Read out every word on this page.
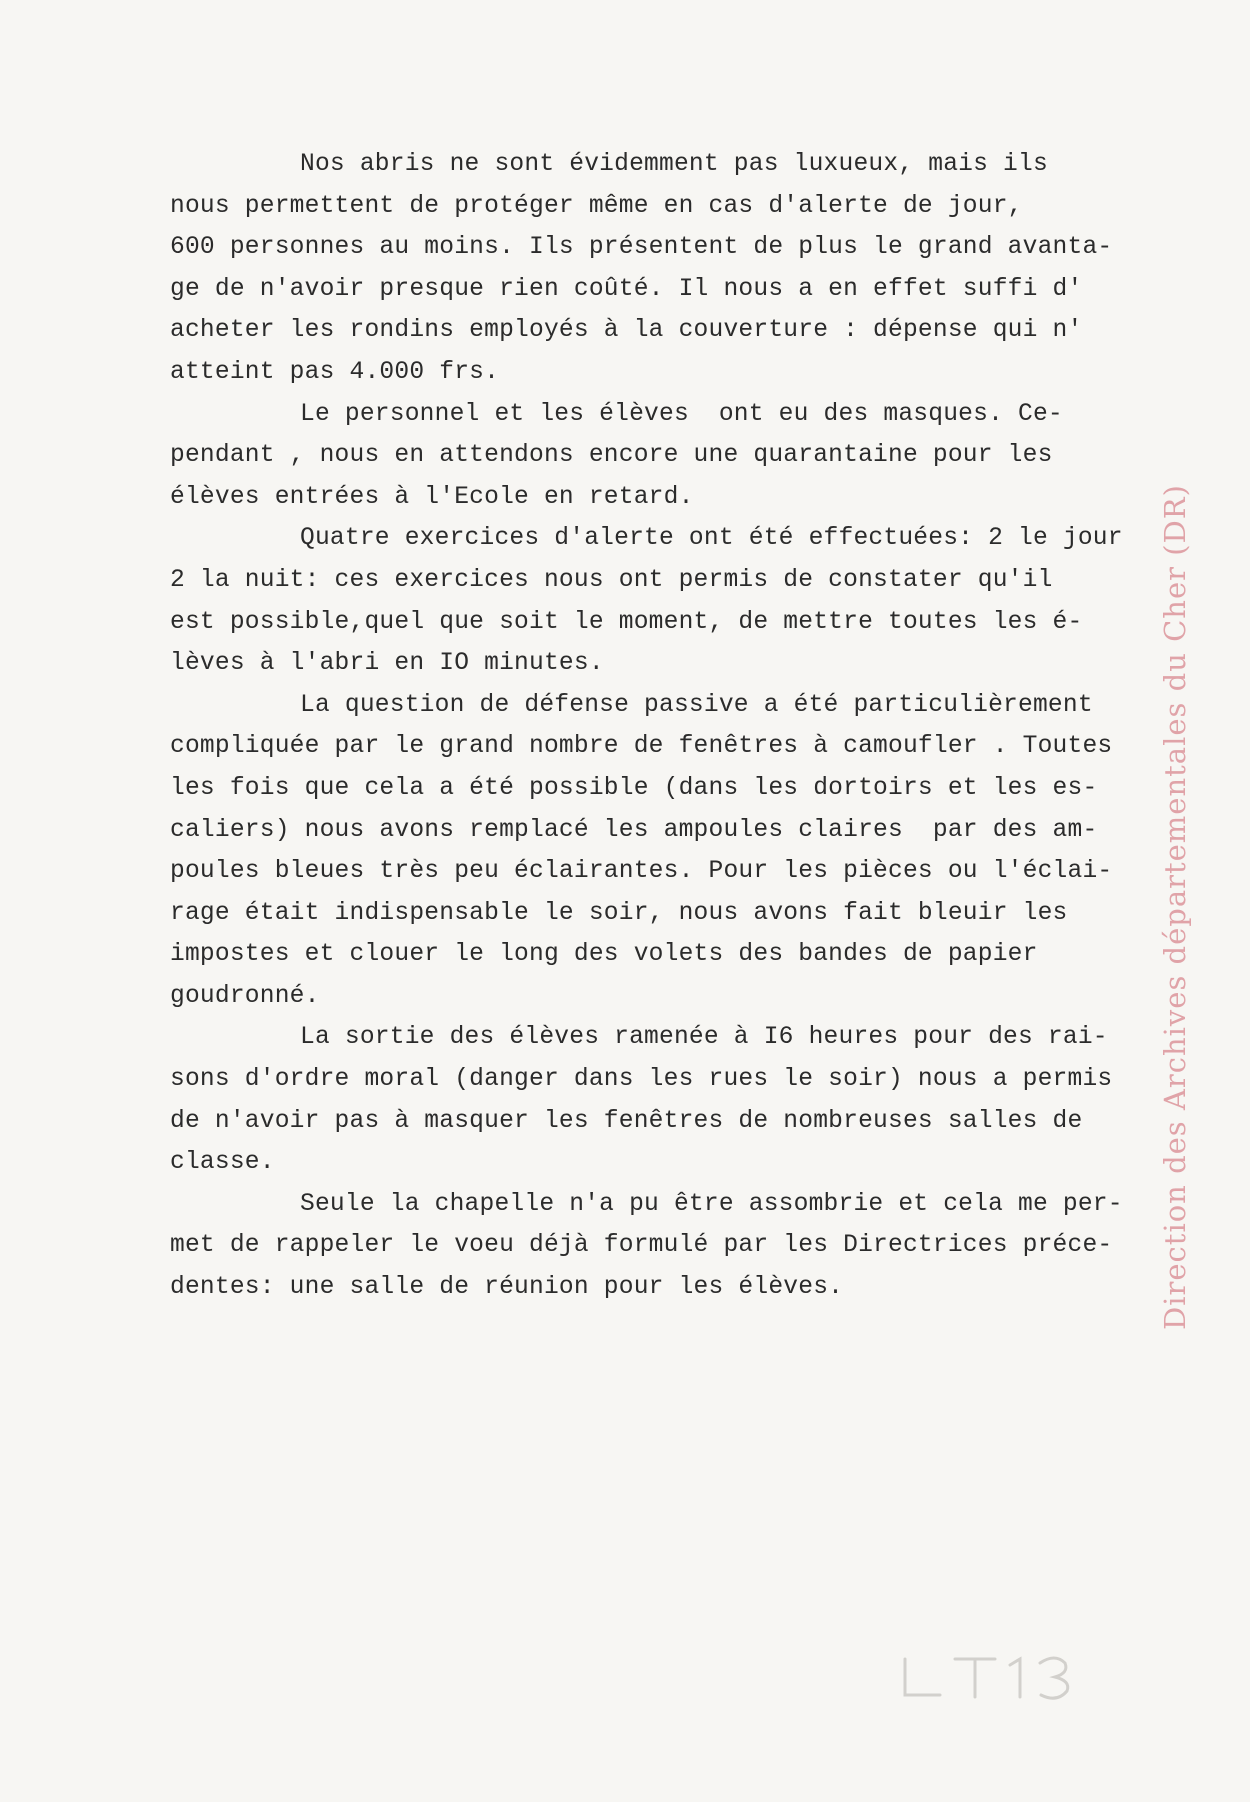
Nos abris ne sont évidemment pas luxueux, mais ils
nous permettent de protéger même en cas d'alerte de jour,
600 personnes au moins. Ils présentent de plus le grand avanta-
ge de n'avoir presque rien coûté. Il nous a en effet suffi d'
acheter les rondins employés à la couverture : dépense qui n'
atteint pas 4.000 frs.
Le personnel et les élèves  ont eu des masques. Ce-
pendant , nous en attendons encore une quarantaine pour les
élèves entrées à l'Ecole en retard.
Quatre exercices d'alerte ont été effectuées: 2 le jour
2 la nuit: ces exercices nous ont permis de constater qu'il
est possible,quel que soit le moment, de mettre toutes les é-
lèves à l'abri en IO minutes.
La question de défense passive a été particulièrement
compliquée par le grand nombre de fenêtres à camoufler . Toutes
les fois que cela a été possible (dans les dortoirs et les es-
caliers) nous avons remplacé les ampoules claires  par des am-
poules bleues très peu éclairantes. Pour les pièces ou l'éclai-
rage était indispensable le soir, nous avons fait bleuir les
impostes et clouer le long des volets des bandes de papier
goudronné.
La sortie des élèves ramenée à I6 heures pour des rai-
sons d'ordre moral (danger dans les rues le soir) nous a permis
de n'avoir pas à masquer les fenêtres de nombreuses salles de
classe.
Seule la chapelle n'a pu être assombrie et cela me per-
met de rappeler le voeu déjà formulé par les Directrices préce-
dentes: une salle de réunion pour les élèves.	Direction des Archives départementales du Cher (DR)
